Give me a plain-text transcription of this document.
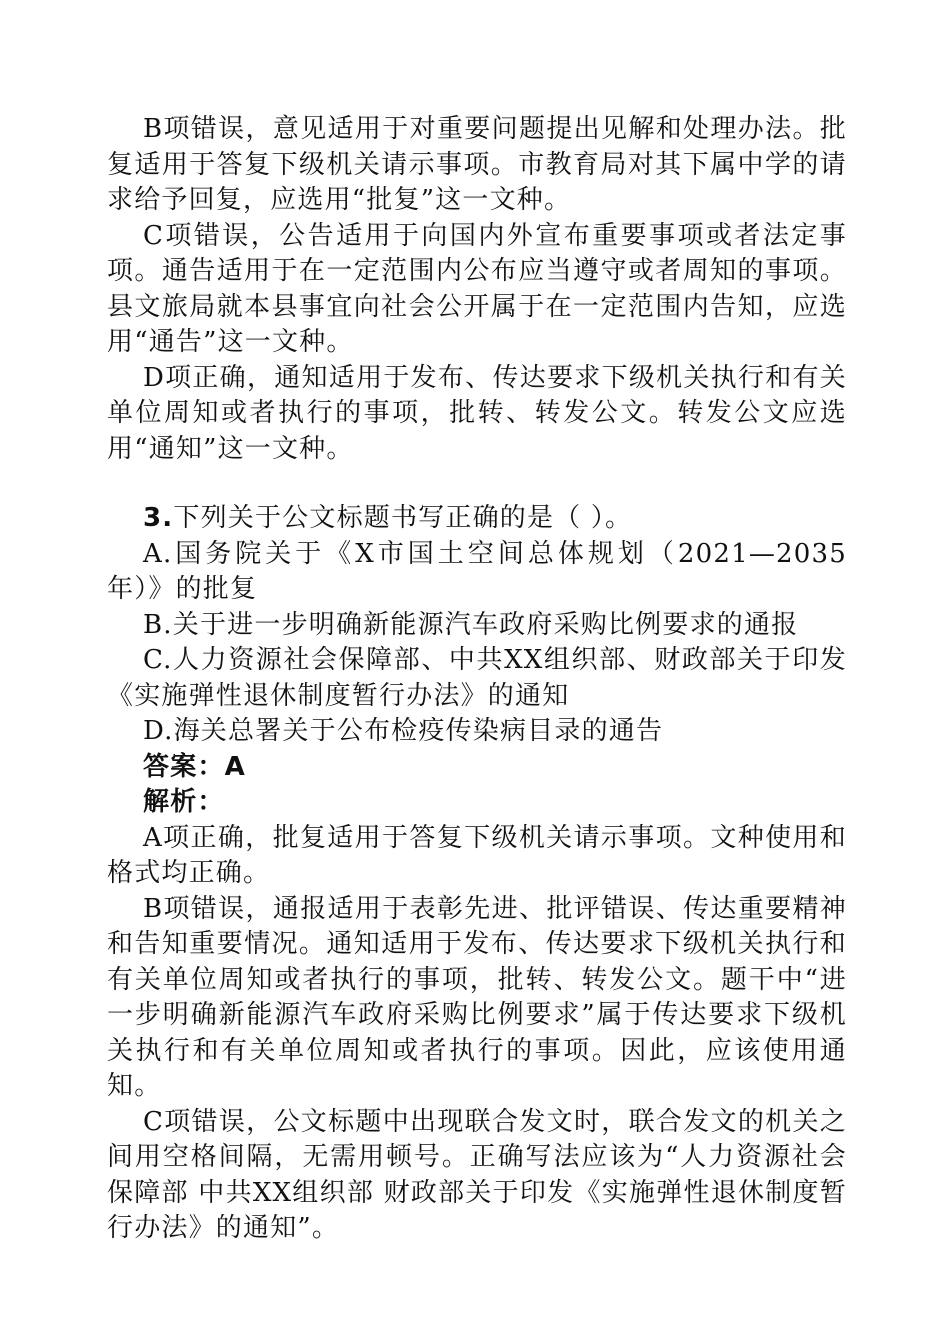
B项错误，意见适用于对重要问题提出见解和处理办法。批复适用于答复下级机关请示事项。市教育局对其下属中学的请求给予回复，应选用“批复”这一文种。

C项错误，公告适用于向国内外宣布重要事项或者法定事项。通告适用于在一定范围内公布应当遵守或者周知的事项。县文旅局就本县事宜向社会公开属于在一定范围内告知，应选用“通告”这一文种。

D项正确，通知适用于发布、传达要求下级机关执行和有关单位周知或者执行的事项，批转、转发公文。转发公文应选用“通知”这一文种。

3.下列关于公文标题书写正确的是（ ）。

A.国务院关于《X市国土空间总体规划（2021—2035年）》的批复

B.关于进一步明确新能源汽车政府采购比例要求的通报

C.人力资源社会保障部、中共XX组织部、财政部关于印发《实施弹性退休制度暂行办法》的通知

D.海关总署关于公布检疫传染病目录的通告

答案：A

解析：

A项正确，批复适用于答复下级机关请示事项。文种使用和格式均正确。

B项错误，通报适用于表彰先进、批评错误、传达重要精神和告知重要情况。通知适用于发布、传达要求下级机关执行和有关单位周知或者执行的事项，批转、转发公文。题干中“进一步明确新能源汽车政府采购比例要求”属于传达要求下级机关执行和有关单位周知或者执行的事项。因此，应该使用通知。

C项错误，公文标题中出现联合发文时，联合发文的机关之间用空格间隔，无需用顿号。正确写法应该为“人力资源社会保障部 中共XX组织部 财政部关于印发《实施弹性退休制度暂行办法》的通知”。
